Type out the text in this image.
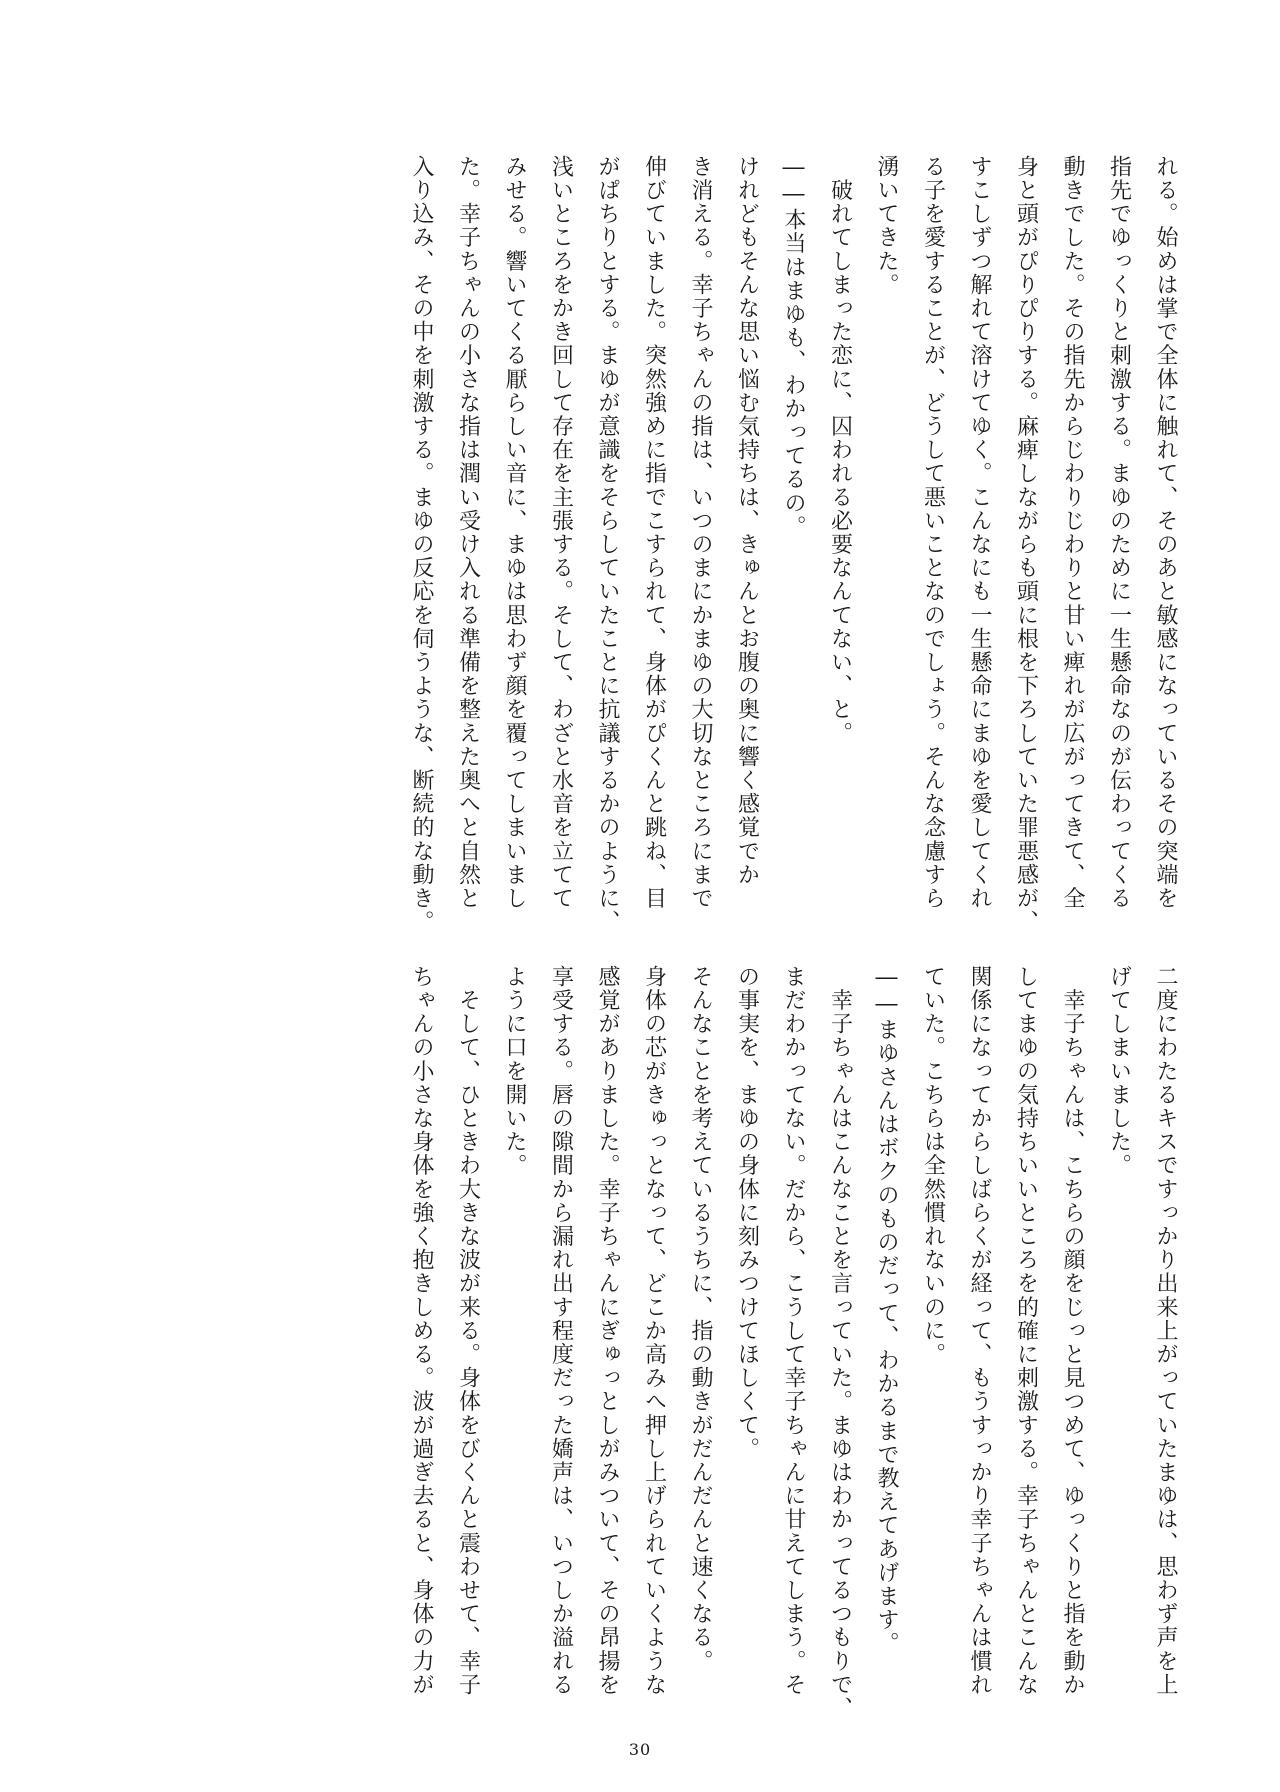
れる。始めは掌で全体に触れて、そのあと敏感になっているその突端を
指先でゆっくりと刺激する。まゆのために一生懸命なのが伝わってくる
動きでした。その指先からじわりじわりと甘い痺れが広がってきて、全
身と頭がぴりぴりする。麻痺しながらも頭に根を下ろしていた罪悪感が、
すこしずつ解れて溶けてゆく。こんなにも一生懸命にまゆを愛してくれ
る子を愛することが、どうして悪いことなのでしょう。そんな念慮すら
湧いてきた。
　破れてしまった恋に、囚われる必要なんてない、と。
――本当はまゆも、わかってるの。
けれどもそんな思い悩む気持ちは、きゅんとお腹の奥に響く感覚でか
き消える。幸子ちゃんの指は、いつのまにかまゆの大切なところにまで
伸びていました。突然強めに指でこすられて、身体がぴくんと跳ね、目
がぱちりとする。まゆが意識をそらしていたことに抗議するかのように、
浅いところをかき回して存在を主張する。そして、わざと水音を立てて
みせる。響いてくる厭らしい音に、まゆは思わず顔を覆ってしまいまし
た。幸子ちゃんの小さな指は潤い受け入れる準備を整えた奥へと自然と
入り込み、その中を刺激する。まゆの反応を伺うような、断続的な動き。
二度にわたるキスですっかり出来上がっていたまゆは、思わず声を上
げてしまいました。
　幸子ちゃんは、こちらの顔をじっと見つめて、ゆっくりと指を動か
してまゆの気持ちいいところを的確に刺激する。幸子ちゃんとこんな
関係になってからしばらくが経って、もうすっかり幸子ちゃんは慣れ
ていた。こちらは全然慣れないのに。
――まゆさんはボクのものだって、わかるまで教えてあげます。
　幸子ちゃんはこんなことを言っていた。まゆはわかってるつもりで、
まだわかってない。だから、こうして幸子ちゃんに甘えてしまう。そ
の事実を、まゆの身体に刻みつけてほしくて。
そんなことを考えているうちに、指の動きがだんだんと速くなる。
身体の芯がきゅっとなって、どこか高みへ押し上げられていくような
感覚がありました。幸子ちゃんにぎゅっとしがみついて、その昂揚を
享受する。唇の隙間から漏れ出す程度だった嬌声は、いつしか溢れる
ように口を開いた。
　そして、ひときわ大きな波が来る。身体をびくんと震わせて、幸子
ちゃんの小さな身体を強く抱きしめる。波が過ぎ去ると、身体の力が
30
